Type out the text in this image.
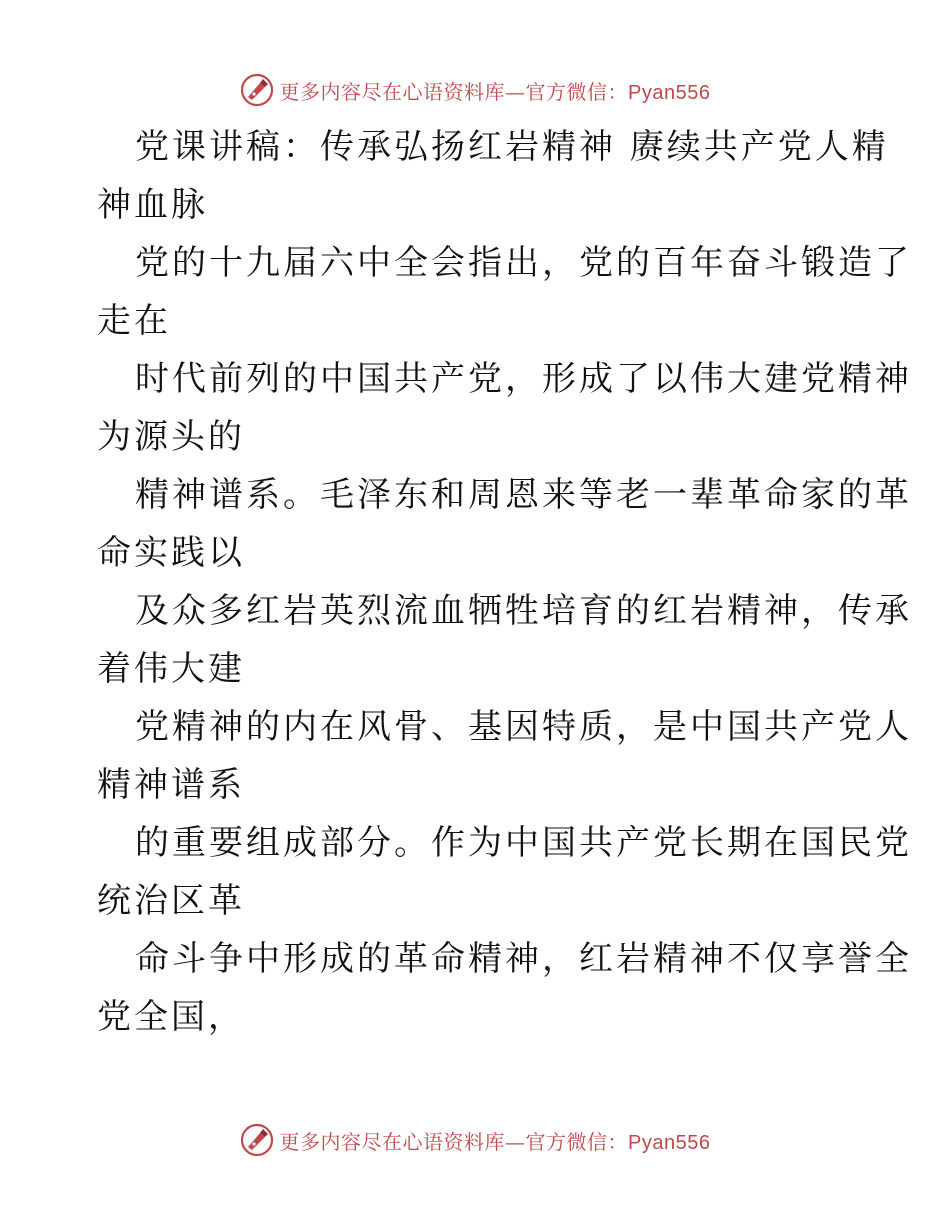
更多内容尽在心语资料库—官方微信：Pyan556
党课讲稿：传承弘扬红岩精神 赓续共产党人精
神血脉
党的十九届六中全会指出，党的百年奋斗锻造了
走在
时代前列的中国共产党，形成了以伟大建党精神
为源头的
精神谱系。毛泽东和周恩来等老一辈革命家的革
命实践以
及众多红岩英烈流血牺牲培育的红岩精神，传承
着伟大建
党精神的内在风骨、基因特质，是中国共产党人
精神谱系
的重要组成部分。作为中国共产党长期在国民党
统治区革
命斗争中形成的革命精神，红岩精神不仅享誉全
党全国，
更多内容尽在心语资料库—官方微信：Pyan556
